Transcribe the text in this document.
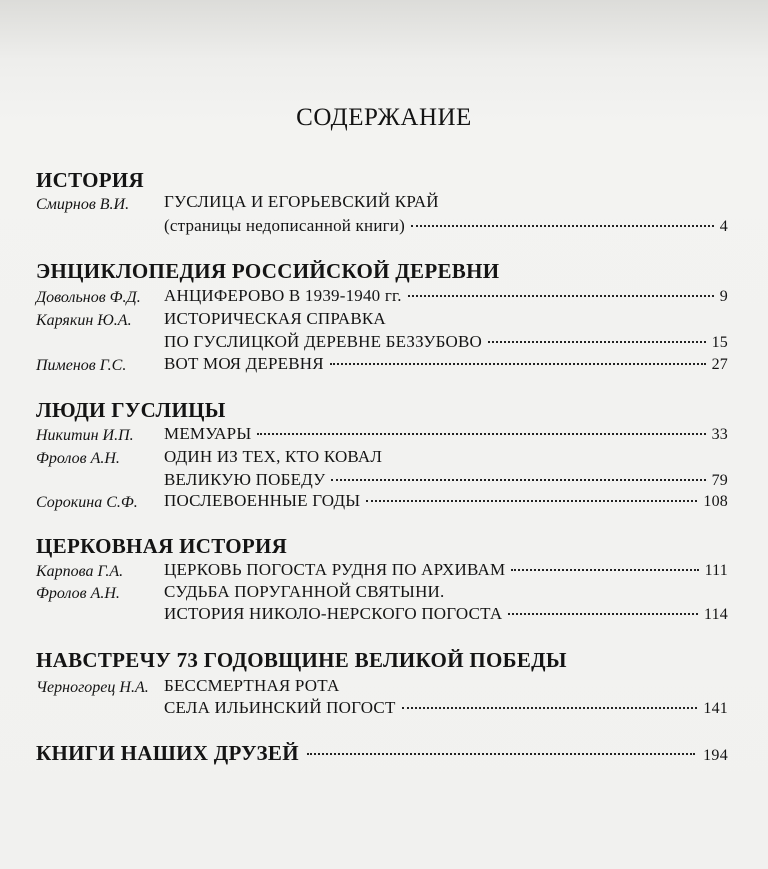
СОДЕРЖАНИЕ
ИСТОРИЯ
Смирнов В.И. ГУСЛИЦА И ЕГОРЬЕВСКИЙ КРАЙ
(страницы недописанной книги)	4
ЭНЦИКЛОПЕДИЯ РОССИЙСКОЙ ДЕРЕВНИ
Довольнов Ф.Д. АНЦИФЕРОВО В 1939-1940 гг.	9
Карякин Ю.А. ИСТОРИЧЕСКАЯ СПРАВКА
ПО ГУСЛИЦКОЙ ДЕРЕВНЕ БЕЗЗУБОВО	15
Пименов Г.С. ВОТ МОЯ ДЕРЕВНЯ	27
ЛЮДИ ГУСЛИЦЫ
Никитин И.П. МЕМУАРЫ	33
Фролов А.Н.	ОДИН ИЗ ТЕХ, КТО КОВАЛ
ВЕЛИКУЮ ПОБЕДУ	79
Сорокина С.Ф. ПОСЛЕВОЕННЫЕ ГОДЫ	108
ЦЕРКОВНАЯ ИСТОРИЯ
Карпова Г.А. ЦЕРКОВЬ ПОГОСТА РУДНЯ ПО АРХИВАМ	111
Фролов А.Н.	СУДЬБА ПОРУГАННОЙ СВЯТЫНИ.
ИСТОРИЯ НИКОЛО-НЕРСКОГО ПОГОСТА	114
НАВСТРЕЧУ 73 ГОДОВЩИНЕ ВЕЛИКОЙ ПОБЕДЫ
Черногорец Н.А. БЕССМЕРТНАЯ РОТА
СЕЛА ИЛЬИНСКИЙ ПОГОСТ	141
КНИГИ НАШИХ ДРУЗЕЙ	194
